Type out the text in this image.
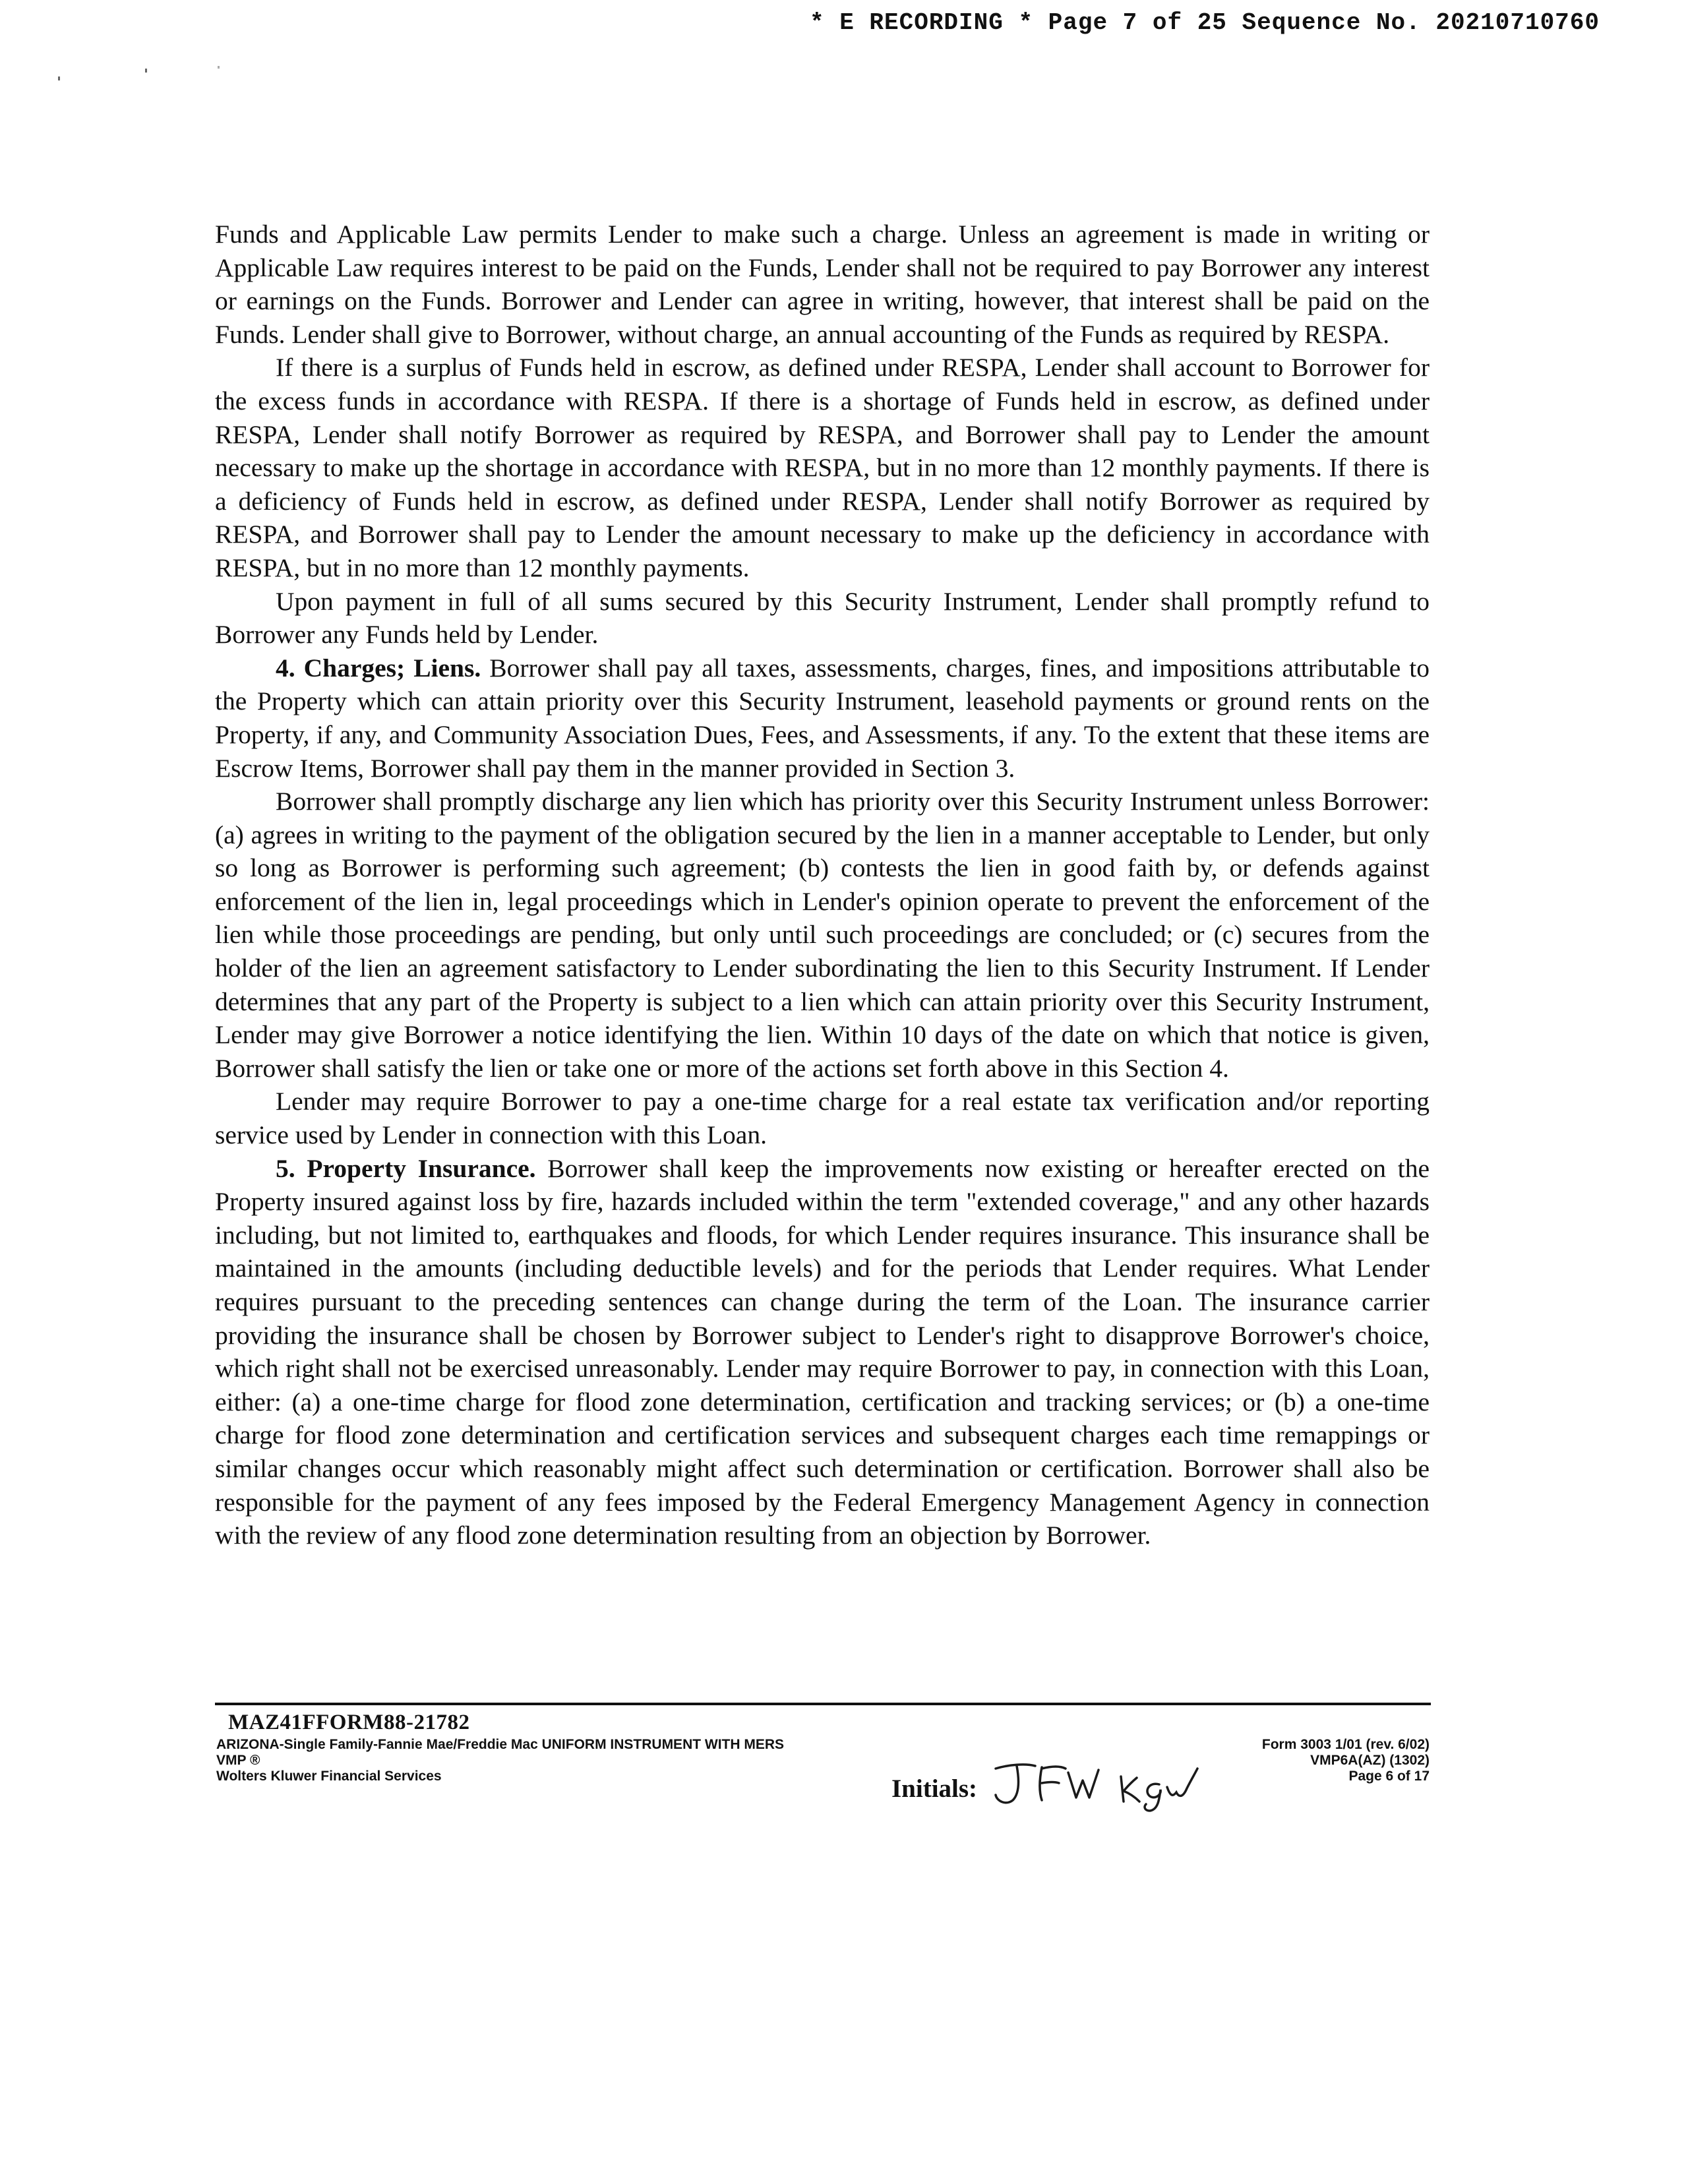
* E RECORDING * Page 7 of 25 Sequence No. 20210710760

Funds and Applicable Law permits Lender to make such a charge. Unless an agreement is made in writing or Applicable Law requires interest to be paid on the Funds, Lender shall not be required to pay Borrower any interest or earnings on the Funds. Borrower and Lender can agree in writing, however, that interest shall be paid on the Funds. Lender shall give to Borrower, without charge, an annual accounting of the Funds as required by RESPA.

If there is a surplus of Funds held in escrow, as defined under RESPA, Lender shall account to Borrower for the excess funds in accordance with RESPA. If there is a shortage of Funds held in escrow, as defined under RESPA, Lender shall notify Borrower as required by RESPA, and Borrower shall pay to Lender the amount necessary to make up the shortage in accordance with RESPA, but in no more than 12 monthly payments. If there is a deficiency of Funds held in escrow, as defined under RESPA, Lender shall notify Borrower as required by RESPA, and Borrower shall pay to Lender the amount necessary to make up the deficiency in accordance with RESPA, but in no more than 12 monthly payments.

Upon payment in full of all sums secured by this Security Instrument, Lender shall promptly refund to Borrower any Funds held by Lender.

4. Charges; Liens. Borrower shall pay all taxes, assessments, charges, fines, and impositions attributable to the Property which can attain priority over this Security Instrument, leasehold payments or ground rents on the Property, if any, and Community Association Dues, Fees, and Assessments, if any. To the extent that these items are Escrow Items, Borrower shall pay them in the manner provided in Section 3.

Borrower shall promptly discharge any lien which has priority over this Security Instrument unless Borrower: (a) agrees in writing to the payment of the obligation secured by the lien in a manner acceptable to Lender, but only so long as Borrower is performing such agreement; (b) contests the lien in good faith by, or defends against enforcement of the lien in, legal proceedings which in Lender's opinion operate to prevent the enforcement of the lien while those proceedings are pending, but only until such proceedings are concluded; or (c) secures from the holder of the lien an agreement satisfactory to Lender subordinating the lien to this Security Instrument. If Lender determines that any part of the Property is subject to a lien which can attain priority over this Security Instrument, Lender may give Borrower a notice identifying the lien. Within 10 days of the date on which that notice is given, Borrower shall satisfy the lien or take one or more of the actions set forth above in this Section 4.

Lender may require Borrower to pay a one-time charge for a real estate tax verification and/or reporting service used by Lender in connection with this Loan.

5. Property Insurance. Borrower shall keep the improvements now existing or hereafter erected on the Property insured against loss by fire, hazards included within the term "extended coverage," and any other hazards including, but not limited to, earthquakes and floods, for which Lender requires insurance. This insurance shall be maintained in the amounts (including deductible levels) and for the periods that Lender requires. What Lender requires pursuant to the preceding sentences can change during the term of the Loan. The insurance carrier providing the insurance shall be chosen by Borrower subject to Lender's right to disapprove Borrower's choice, which right shall not be exercised unreasonably. Lender may require Borrower to pay, in connection with this Loan, either: (a) a one-time charge for flood zone determination, certification and tracking services; or (b) a one-time charge for flood zone determination and certification services and subsequent charges each time remappings or similar changes occur which reasonably might affect such determination or certification. Borrower shall also be responsible for the payment of any fees imposed by the Federal Emergency Management Agency in connection with the review of any flood zone determination resulting from an objection by Borrower.

MAZ41FFORM88-21782
ARIZONA-Single Family-Fannie Mae/Freddie Mac UNIFORM INSTRUMENT WITH MERS
VMP ®
Wolters Kluwer Financial Services
Form 3003 1/01 (rev. 6/02)
VMP6A(AZ) (1302)
Page 6 of 17
Initials:
